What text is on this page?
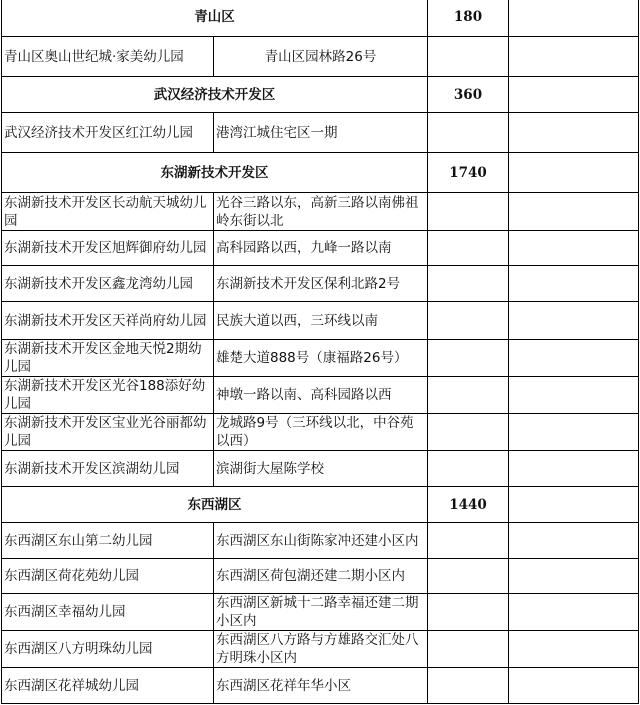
青山区		180	
青山区奥山世纪城·家美幼儿园	青山区园林路26号		
武汉经济技术开发区		360	
武汉经济技术开发区红江幼儿园	港湾江城住宅区一期		
东湖新技术开发区		1740	
东湖新技术开发区长动航天城幼儿园	光谷三路以东，高新三路以南佛祖岭东街以北		
东湖新技术开发区旭辉御府幼儿园	高科园路以西，九峰一路以南		
东湖新技术开发区鑫龙湾幼儿园	东湖新技术开发区保利北路2号		
东湖新技术开发区天祥尚府幼儿园	民族大道以西，三环线以南		
东湖新技术开发区金地天悦2期幼儿园	雄楚大道888号（康福路26号）		
东湖新技术开发区光谷188添好幼儿园	神墩一路以南、高科园路以西		
东湖新技术开发区宝业光谷丽都幼儿园	龙城路9号（三环线以北，中谷苑以西）		
东湖新技术开发区滨湖幼儿园	滨湖街大屋陈学校		
东西湖区		1440	
东西湖区东山第二幼儿园	东西湖区东山街陈家冲还建小区内		
东西湖区荷花苑幼儿园	东西湖区荷包湖还建二期小区内		
东西湖区幸福幼儿园	东西湖区新城十二路幸福还建二期小区内		
东西湖区八方明珠幼儿园	东西湖区八方路与方雄路交汇处八方明珠小区内		
东西湖区花祥城幼儿园	东西湖区花祥年华小区		
